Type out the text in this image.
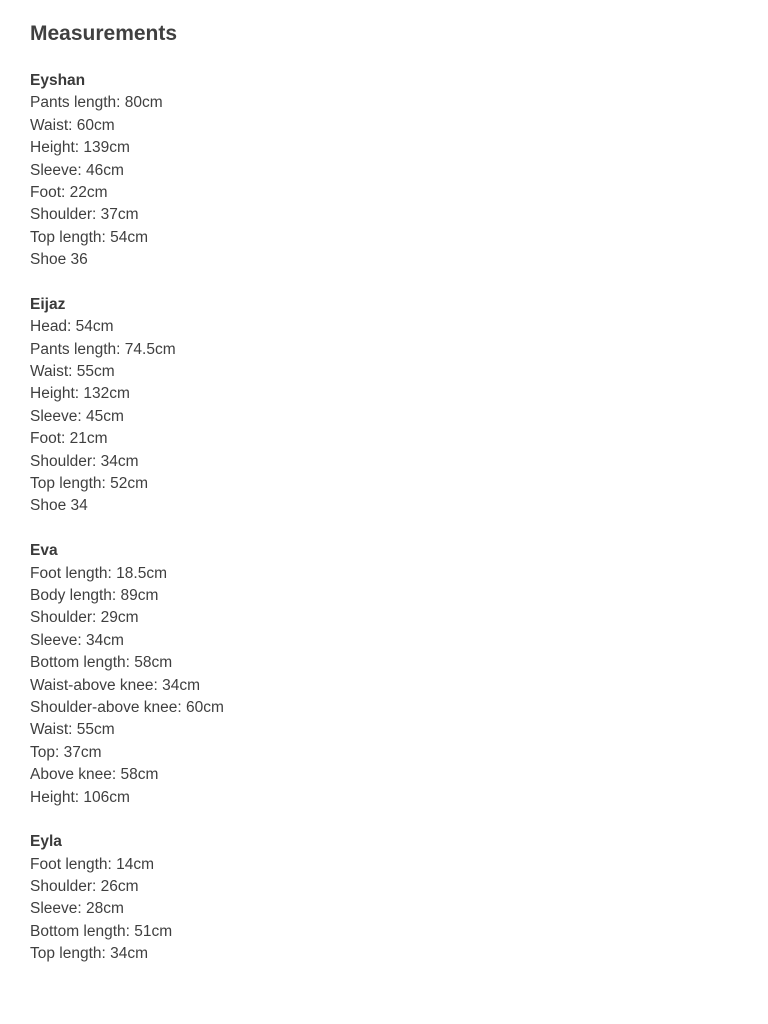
Measurements
Eyshan
Pants length: 80cm
Waist: 60cm
Height: 139cm
Sleeve: 46cm
Foot: 22cm
Shoulder: 37cm
Top length: 54cm
Shoe 36
Eijaz
Head: 54cm
Pants length: 74.5cm
Waist: 55cm
Height: 132cm
Sleeve: 45cm
Foot: 21cm
Shoulder: 34cm
Top length: 52cm
Shoe 34
Eva
Foot length: 18.5cm
Body length: 89cm
Shoulder: 29cm
Sleeve: 34cm
Bottom length: 58cm
Waist-above knee: 34cm
Shoulder-above knee: 60cm
Waist: 55cm
Top: 37cm
Above knee: 58cm
Height: 106cm
Eyla
Foot length: 14cm
Shoulder: 26cm
Sleeve: 28cm
Bottom length: 51cm
Top length: 34cm
